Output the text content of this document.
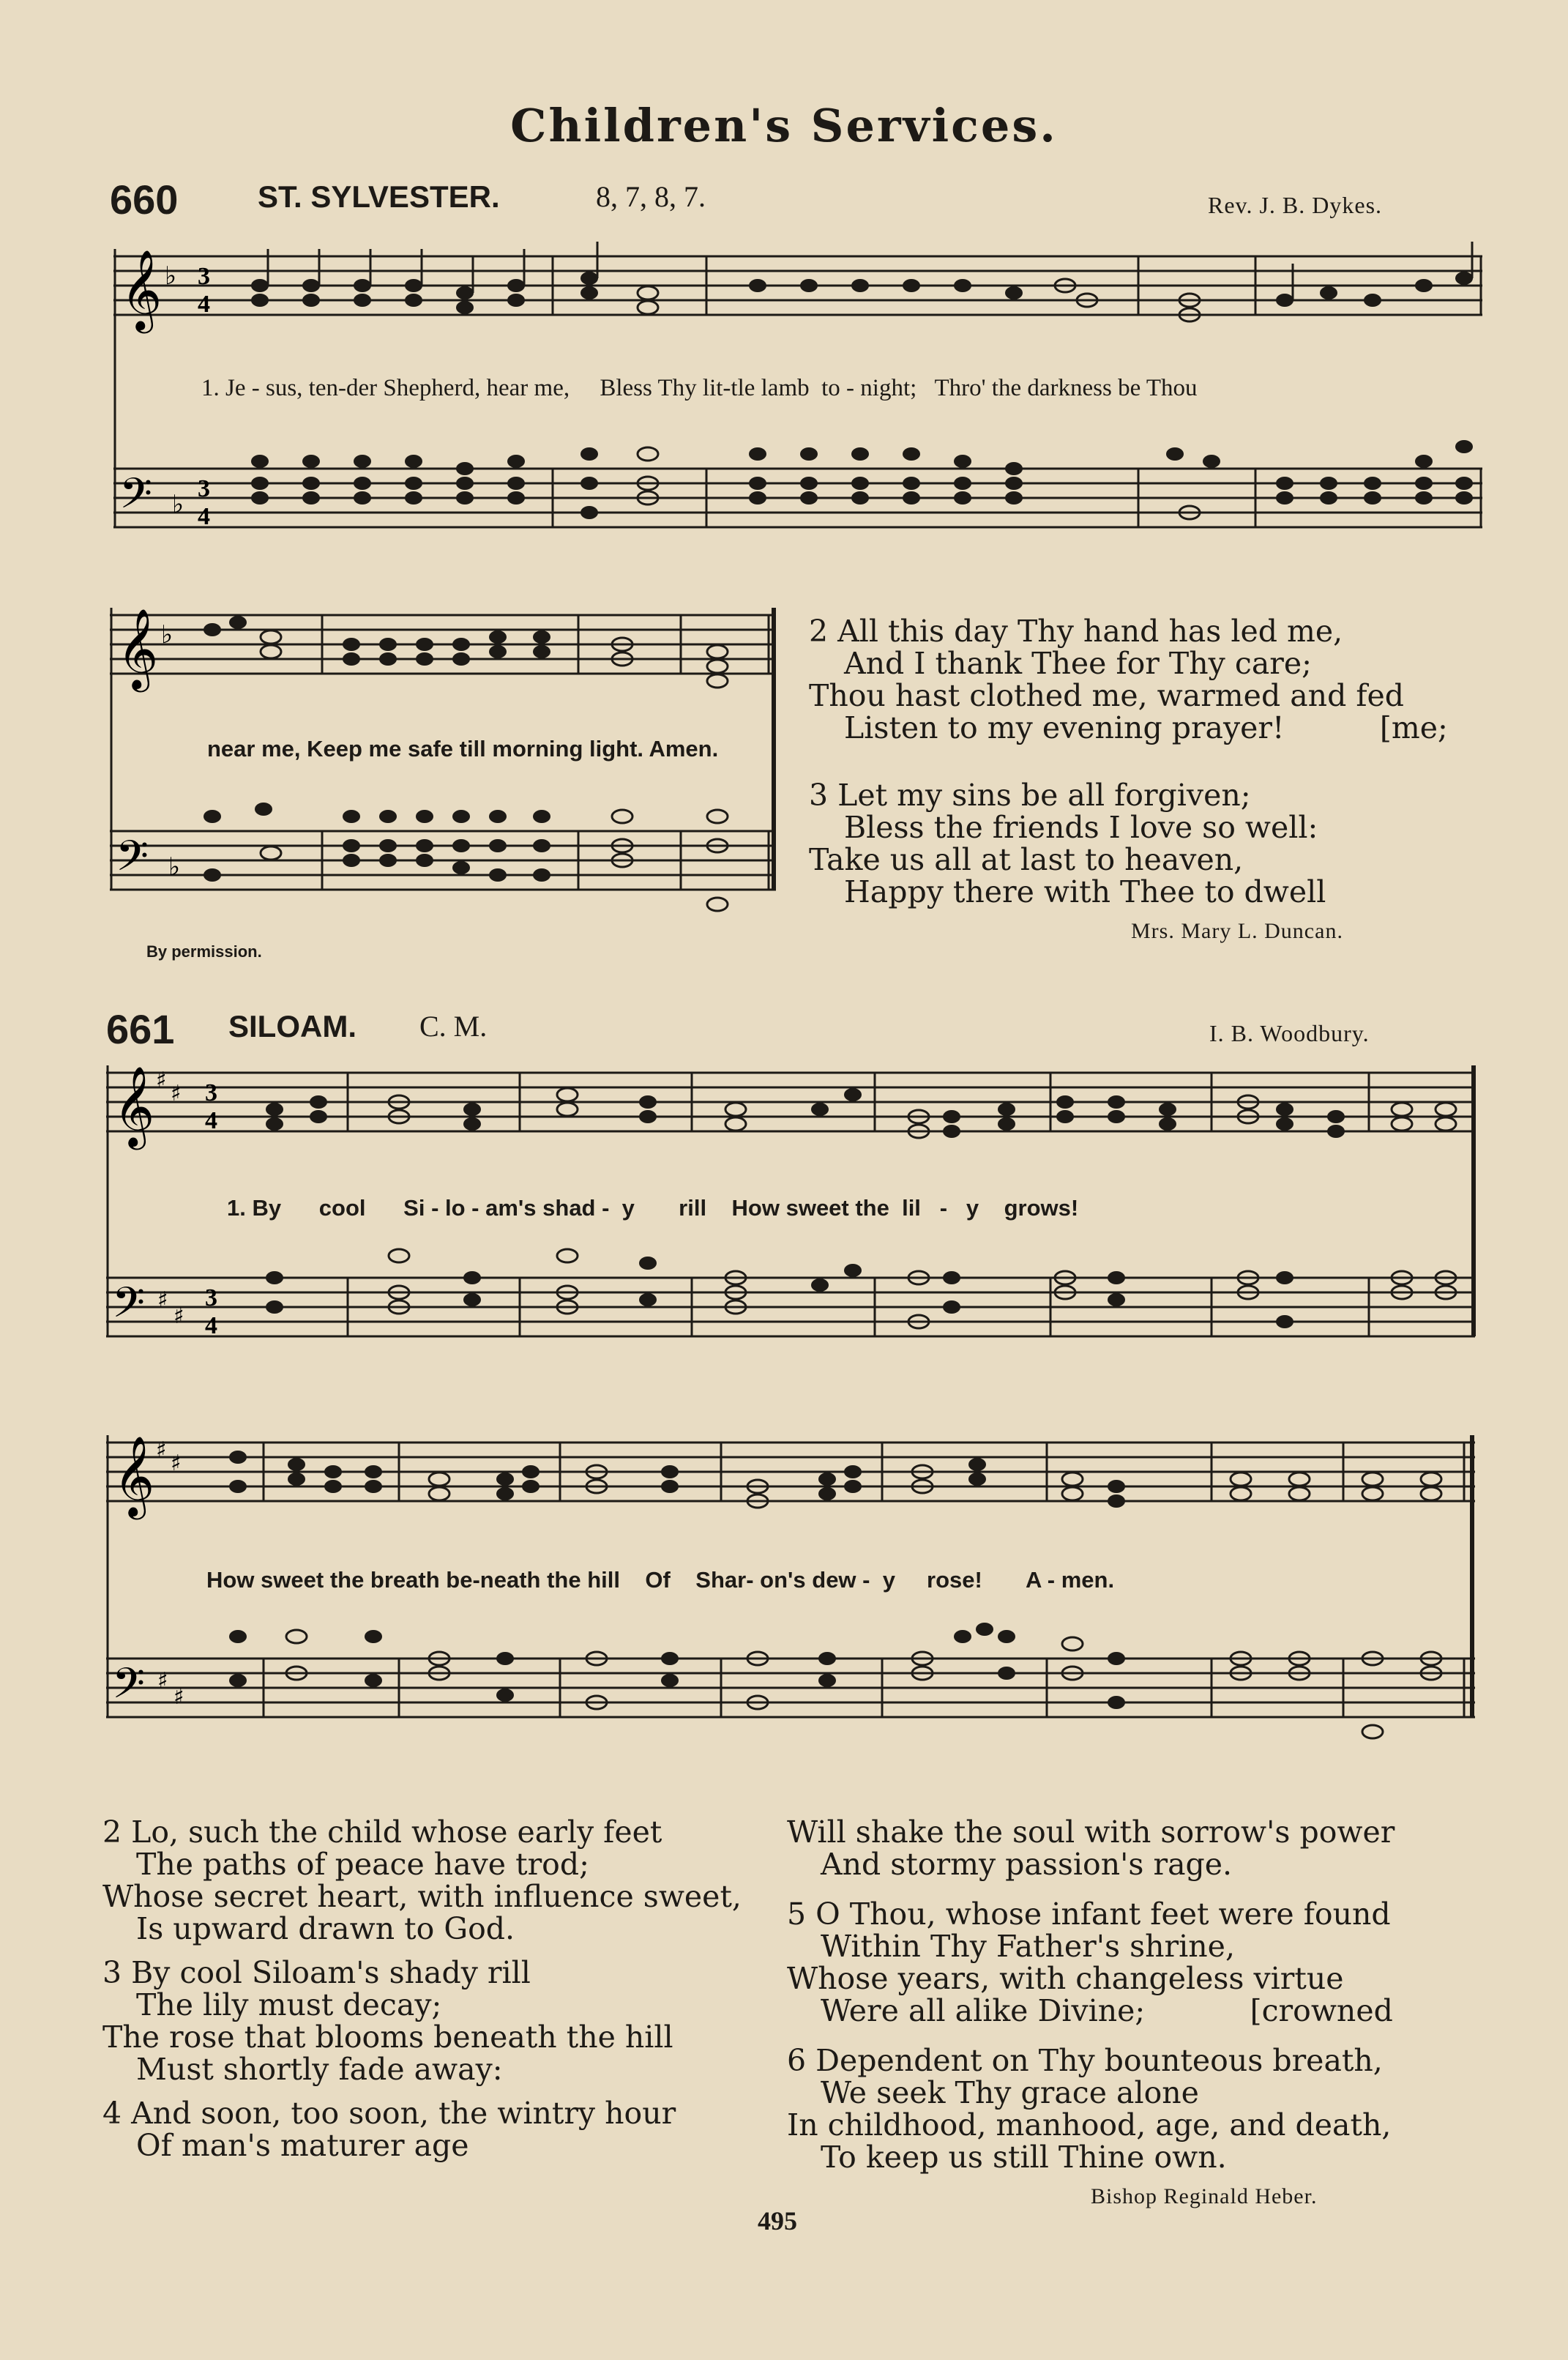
Children's Services.
660	ST. SYLVESTER.	8, 7, 8, 7.	Rev. J. B. Dykes.
𝄞 ♭ 3
4
1. Je - sus, ten-der Shepherd, hear me,     Bless Thy lit-tle lamb  to - night;   Thro' the darkness be Thou
𝄢 ♭
3
4
𝄞 ♭
near me, Keep me safe till morning light. Amen.
𝄢 ♭
By permission.
2 All this day Thy hand has led me,
And I thank Thee for Thy care;
Thou hast clothed me, warmed and fed
Listen to my evening prayer!          [me;
3 Let my sins be all forgiven;
Bless the friends I love so well:
Take us all at last to heaven,
Happy there with Thee to dwell
Mrs. Mary L. Duncan.
661 SILOAM. C. M.	I. B. Woodbury.
𝄞 ♯
♯ 3
4
1. By      cool      Si - lo - am's shad -  y       rill    How sweet the  lil   -   y    grows!
𝄢 ♯
♯
3
4
𝄞 ♯
♯
How sweet the breath be-neath the hill    Of    Shar- on's dew -  y     rose!       A - men.
𝄢 ♯
♯
2 Lo, such the child whose early feet
The paths of peace have trod;
Whose secret heart, with influence sweet,
Is upward drawn to God.
3 By cool Siloam's shady rill
The lily must decay;
The rose that blooms beneath the hill
Must shortly fade away:
4 And soon, too soon, the wintry hour
Of man's maturer age
Will shake the soul with sorrow's power
And stormy passion's rage.
5 O Thou, whose infant feet were found
Within Thy Father's shrine,
Whose years, with changeless virtue
Were all alike Divine;           [crowned
6 Dependent on Thy bounteous breath,
We seek Thy grace alone
In childhood, manhood, age, and death,
To keep us still Thine own.
Bishop Reginald Heber.
495
